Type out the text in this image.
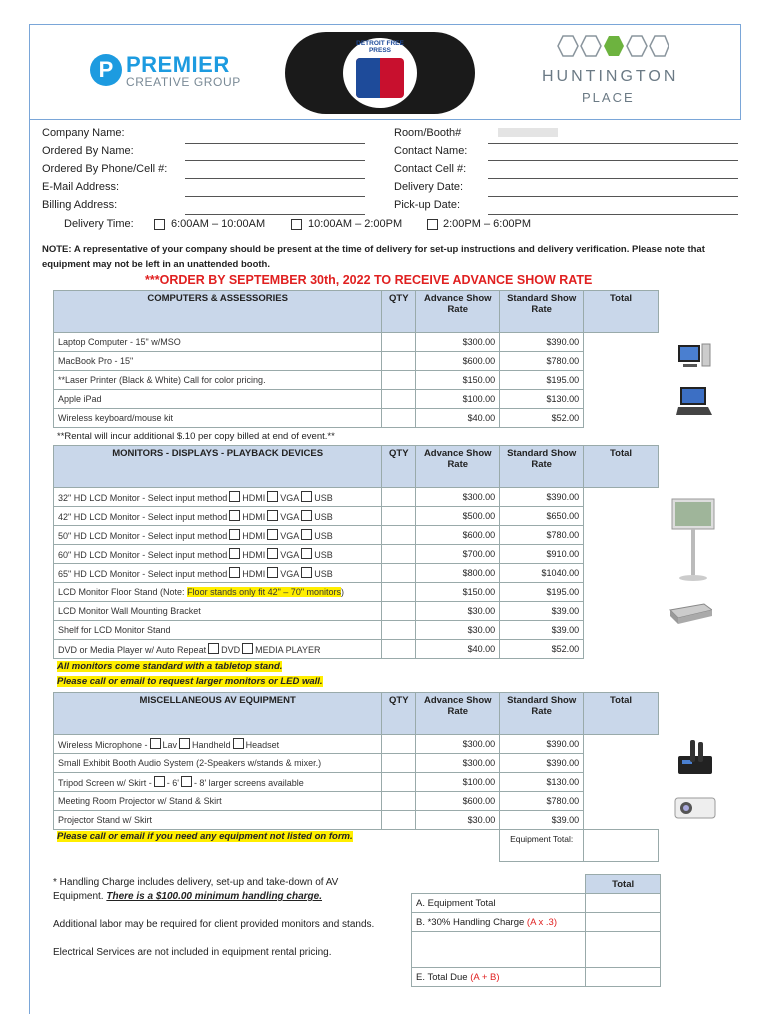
P PREMIER
CREATIVE GROUP
DETROIT FREE PRESS
HUNTINGTON
PLACE
Company Name:
Ordered By Name:
Ordered By Phone/Cell #:
E-Mail Address:
Billing Address:
Delivery Time:	6:00AM – 10:00AM	10:00AM – 2:00PM	2:00PM – 6:00PM
Room/Booth#
Contact Name:
Contact Cell #:
Delivery Date:
Pick-up Date:
NOTE: A representative of your company should be present at the time of delivery for set-up instructions and delivery verification. Please note that equipment may not be left in an unattended booth.
***ORDER BY SEPTEMBER 30th, 2022 TO RECEIVE ADVANCE SHOW RATE
COMPUTERS & ASSESSORIES	QTY	Advance Show Rate	Standard Show Rate	Total
Laptop Computer - 15" w/MSO		$300.00	$390.00	
MacBook Pro - 15"		$600.00	$780.00	
**Laser Printer (Black & White) Call for color pricing.		$150.00	$195.00	
Apple iPad		$100.00	$130.00	
Wireless keyboard/mouse kit		$40.00	$52.00	
**Rental will incur additional $.10 per copy billed at end of event.**
MONITORS - DISPLAYS - PLAYBACK DEVICES	QTY	Advance Show Rate	Standard Show Rate	Total
32" HD LCD Monitor - Select input method HDMI VGA USB		$300.00	$390.00	
42" HD LCD Monitor - Select input method HDMI VGA USB		$500.00	$650.00	
50" HD LCD Monitor - Select input method HDMI VGA USB		$600.00	$780.00	
60" HD LCD Monitor - Select input method HDMI VGA USB		$700.00	$910.00	
65" HD LCD Monitor - Select input method HDMI VGA USB		$800.00	$1040.00	
LCD Monitor Floor Stand (Note: Floor stands only fit 42" – 70" monitors)		$150.00	$195.00	
LCD Monitor Wall Mounting Bracket		$30.00	$39.00	
Shelf for LCD Monitor Stand		$30.00	$39.00	
DVD or Media Player w/ Auto Repeat DVD MEDIA PLAYER		$40.00	$52.00	
All monitors come standard with a tabletop stand.
Please call or email to request larger monitors or LED wall.
MISCELLANEOUS AV EQUIPMENT	QTY	Advance Show Rate	Standard Show Rate	Total
Wireless Microphone - Lav Handheld Headset		$300.00	$390.00	
Small Exhibit Booth Audio System (2-Speakers w/stands & mixer.)		$300.00	$390.00	
Tripod Screen w/ Skirt - - 6' - 8' larger screens available		$100.00	$130.00	
Meeting Room Projector w/ Stand & Skirt		$600.00	$780.00	
Projector Stand w/ Skirt		$30.00	$39.00	
			Equipment Total:	
Please call or email if you need any equipment not listed on form.
* Handling Charge includes delivery, set-up and take-down of AV
Equipment. There is a $100.00 minimum handling charge.
Additional labor may be required for client provided monitors and stands.
Electrical Services are not included in equipment rental pricing.
	Total
A. Equipment Total	
B. *30% Handling Charge (A x .3)	

E. Total Due (A + B)	
